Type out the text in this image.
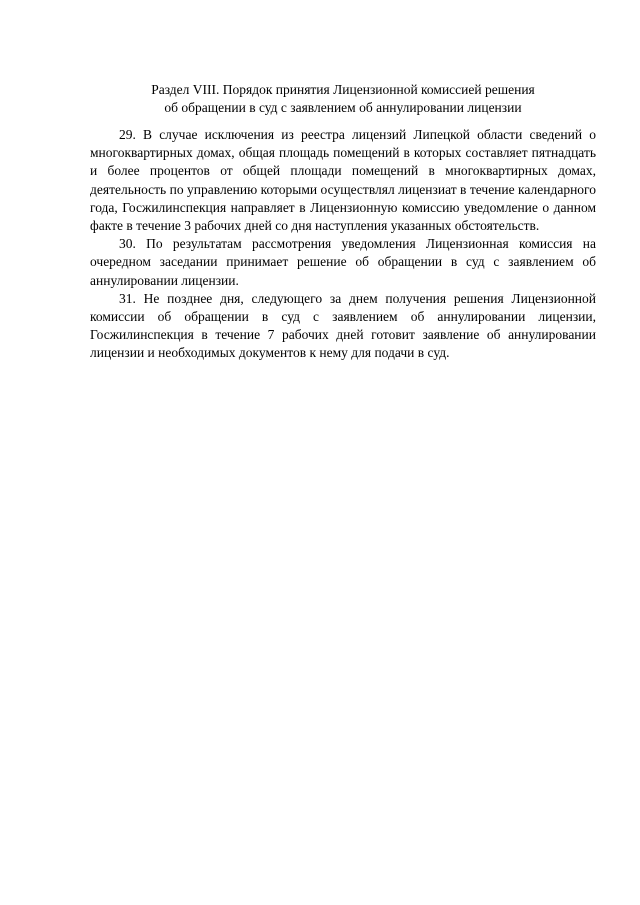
Раздел VIII. Порядок принятия Лицензионной комиссией решения
об обращении в суд с заявлением об аннулировании лицензии

29. В случае исключения из реестра лицензий Липецкой области сведений о многоквартирных домах, общая площадь помещений в которых составляет пятнадцать и более процентов от общей площади помещений в многоквартирных домах, деятельность по управлению которыми осуществлял лицензиат в течение календарного года, Госжилинспекция направляет в Лицензионную комиссию уведомление о данном факте в течение 3 рабочих дней со дня наступления указанных обстоятельств.

30. По результатам рассмотрения уведомления Лицензионная комиссия на очередном заседании принимает решение об обращении в суд с заявлением об аннулировании лицензии.

31. Не позднее дня, следующего за днем получения решения Лицензионной комиссии об обращении в суд с заявлением об аннулировании лицензии, Госжилинспекция в течение 7 рабочих дней готовит заявление об аннулировании лицензии и необходимых документов к нему для подачи в суд.
